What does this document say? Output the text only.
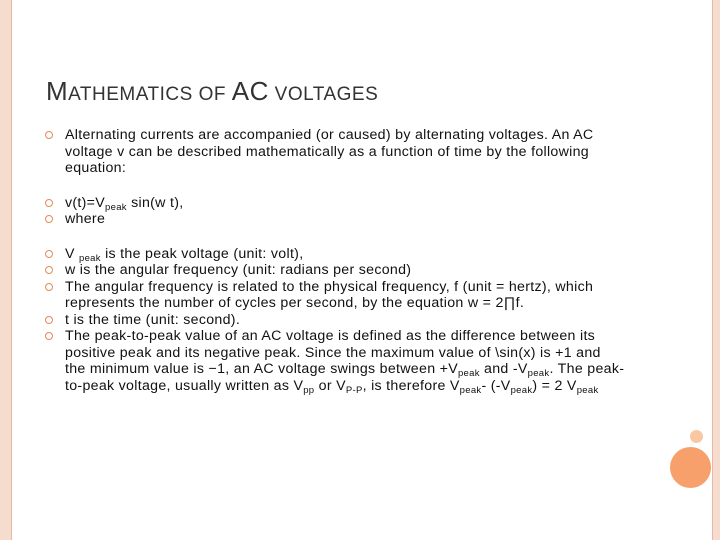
MATHEMATICS OF AC VOLTAGES
Alternating currents are accompanied (or caused) by alternating voltages. An AC voltage v can be described mathematically as a function of time by the following equation:
$v(t)=V_{peak}$ sin(w t),
where
V $_{peak}$ is the peak voltage (unit: volt),
w is the angular frequency (unit: radians per second)
The angular frequency is related to the physical frequency, f (unit = hertz), which represents the number of cycles per second, by the equation w = 2∏f.
t is the time (unit: second).
The peak-to-peak value of an AC voltage is defined as the difference between its positive peak and its negative peak. Since the maximum value of \sin(x) is +1 and the minimum value is −1, an AC voltage swings between $+V_{peak}$ and $-V_{peak}$. The peak-to-peak voltage, usually written as $V_{pp}$ or $V_{P-P}$, is therefore $V_{peak}-$ $(-V_{peak}) = 2$ $V_{peak}$
